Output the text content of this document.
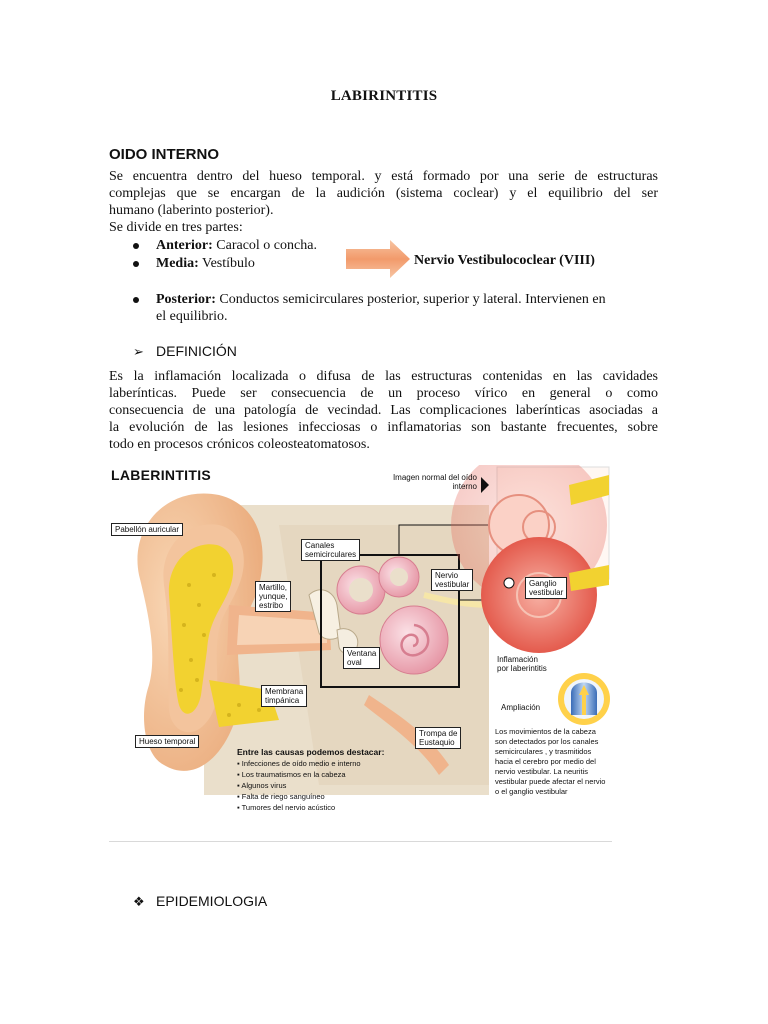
LABIRINTITIS
OIDO INTERNO
Se encuentra dentro del hueso temporal. y está formado por una serie de estructuras
complejas que se encargan de la audición (sistema coclear) y el equilibrio del ser
humano (laberinto posterior).
Se divide en tres partes:
Anterior: Caracol o concha.
Media: Vestíbulo	Nervio Vestibulococlear (VIII)
Posterior: Conductos semicirculares posterior, superior y lateral. Intervienen en
el equilibrio.
➢ DEFINICIÓN
Es la inflamación localizada o difusa de las estructuras contenidas en las cavidades
laberínticas. Puede ser consecuencia de un proceso vírico en general o como
consecuencia de una patología de vecindad. Las complicaciones laberínticas asociadas a
la evolución de las lesiones infecciosas o inflamatorias son bastante frecuentes, sobre
todo en procesos crónicos coleosteatomatosos.
LABERINTITIS
Pabellón auricular
Canales
semicirculares
Martillo,
yunque,
estribo
Nervio
vestibular
Ventana
oval
Membrana
timpánica
Hueso temporal
Trompa de
Eustaquio
Imagen normal del oído
interno
Ganglio
vestibular
Inflamación
por laberintitis
Ampliación
Entre las causas podemos destacar:
▪ Infecciones de oído medio e interno
▪ Los traumatismos en la cabeza
▪ Algunos virus
▪ Falta de riego sanguíneo
▪ Tumores del nervio acústico
Los movimientos de la cabeza son detectados por los canales semicirculares , y trasmitidos hacia el cerebro por medio del nervio vestibular. La neuritis vestibular puede afectar el nervio o el ganglio vestibular
❖ EPIDEMIOLOGIA
